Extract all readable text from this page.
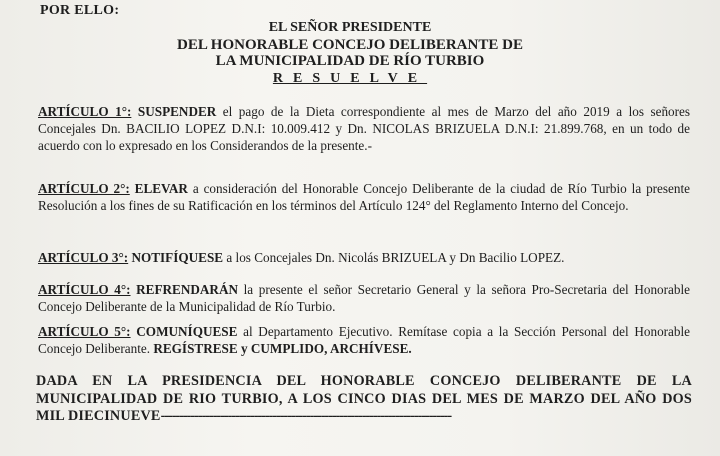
POR ELLO:
EL SEÑOR PRESIDENTE
DEL HONORABLE CONCEJO DELIBERANTE DE
LA MUNICIPALIDAD DE RÍO TURBIO
RESUELVE
ARTÍCULO 1°: SUSPENDER el pago de la Dieta correspondiente al mes de Marzo del año 2019 a los señores Concejales Dn. BACILIO LOPEZ D.N.I: 10.009.412 y Dn. NICOLAS BRIZUELA D.N.I: 21.899.768, en un todo de acuerdo con lo expresado en los Considerandos de la presente.-
ARTÍCULO 2°: ELEVAR a consideración del Honorable Concejo Deliberante de la ciudad de Río Turbio la presente Resolución a los fines de su Ratificación en los términos del Artículo 124° del Reglamento Interno del Concejo.
ARTÍCULO 3°: NOTIFÍQUESE a los Concejales Dn. Nicolás BRIZUELA y Dn Bacilio LOPEZ.
ARTÍCULO 4°: REFRENDARÁN la presente el señor Secretario General y la señora Pro-Secretaria del Honorable Concejo Deliberante de la Municipalidad de Río Turbio.
ARTÍCULO 5°: COMUNÍQUESE al Departamento Ejecutivo. Remítase copia a la Sección Personal del Honorable Concejo Deliberante. REGÍSTRESE y CUMPLIDO, ARCHÍVESE.
DADA EN LA PRESIDENCIA DEL HONORABLE CONCEJO DELIBERANTE DE LA MUNICIPALIDAD DE RIO TURBIO, A LOS CINCO DIAS DEL MES DE MARZO DEL AÑO DOS MIL DIECINUEVE------------------------------------------------------------------------------
